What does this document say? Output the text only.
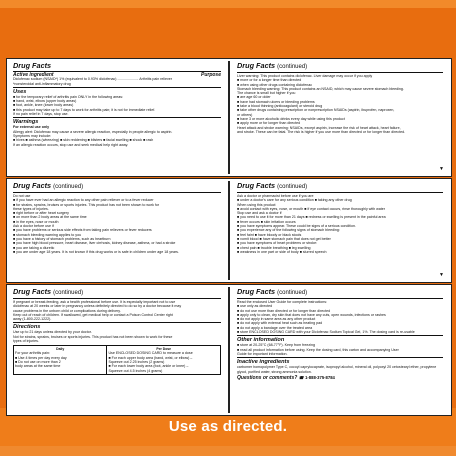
Drug Facts
Active ingredient	Purpose
Diclofenac sodium (NSAID*) 1% (equivalent to 0.93% diclofenac) ..................... Arthritis pain reliever
*nonsteroidal anti-inflammatory drug
Uses
■ for the temporary relief of arthritis pain ONLY in the following areas:
■ hand, wrist, elbow (upper body areas)
■ foot, ankle, knee (lower body areas)
■ this product may take up to 7 days to work for arthritis pain; it is not for immediate relief.
If no pain relief in 7 days, stop use.
Warnings
For external use only
Allergy alert: Diclofenac may cause a severe allergic reaction, especially in people allergic to aspirin.
Symptoms may include:
■ hives ■ asthma (wheezing) ■ skin reddening ■ blisters ■ facial swelling ■ shock ■ rash
If an allergic reaction occurs, stop use and seek medical help right away.
Drug Facts (continued)
Liver warning: This product contains diclofenac. Liver damage may occur if you apply
■ more or for a longer time than directed
■ when using other drugs containing diclofenac
Stomach bleeding warning: This product contains an NSAID, which may cause severe stomach bleeding.
The chance is small but higher if you
■ are age 60 or older
■ have had stomach ulcers or bleeding problems
■ take a blood thinning (anticoagulant) or steroid drug
■ take other drugs containing prescription or nonprescription NSAIDs (aspirin, ibuprofen, naproxen,
or others)
■ have 3 or more alcoholic drinks every day while using this product
■ apply more or for longer than directed
Heart attack and stroke warning: NSAIDs, except aspirin, increase the risk of heart attack, heart failure,
and stroke. These can be fatal. The risk is higher if you use more than directed or for longer than directed.
▼
Drug Facts (continued)
Do not use
■ if you have ever had an allergic reaction to any other pain reliever or to a fever reducer
■ for strains, sprains, bruises or sports injuries. This product has not been shown to work for
these types of injuries.
■ right before or after heart surgery
■ on more than 2 body areas at the same time
■ in the eyes, nose or mouth
Ask a doctor before use if
■ you have problems or serious side effects from taking pain relievers or fever reducers
■ stomach bleeding warning applies to you
■ you have a history of stomach problems, such as heartburn
■ you have high blood pressure, heart disease, liver cirrhosis, kidney disease, asthma, or had a stroke
■ you are taking a diuretic
■ you are under age 18 years. It is not known if this drug works or is safe in children under age 18 years.
Drug Facts (continued)
Ask a doctor or pharmacist before use if you are
■ under a doctor's care for any serious condition ■ taking any other drug
When using this product
■ avoid contact with eyes, nose, or mouth ■ if eye contact occurs, rinse thoroughly with water
Stop use and ask a doctor if
■ you need to use it for more than 21 days ■ redness or swelling is present in the painful area
■ fever occurs ■ skin irritation occurs
■ you have symptoms appear. These could be signs of a serious condition.
■ you experience any of the following signs of stomach bleeding:
■ feel faint ■ have bloody or black stools
■ vomit blood ■ have stomach pain that does not get better
■ you have symptoms of heart problems or stroke:
■ chest pain ■ trouble breathing ■ leg swelling
■ weakness in one part or side of body ■ slurred speech
▼
Drug Facts (continued)
If pregnant or breast-feeding, ask a health professional before use. It is especially important not to use
diclofenac at 20 weeks or later in pregnancy unless definitely directed to do so by a doctor because it may
cause problems in the unborn child or complications during delivery.
Keep out of reach of children. If swallowed, get medical help or contact a Poison Control Center right
away (1-800-222-1222).
Directions
Use up to 21 days unless directed by your doctor.
Not for strains, sprains, bruises or sports injuries. This product has not been shown to work for these
types of injuries.
Daily
For your arthritis pain:
■ Use 4 times per day every day
■ Do not use on more than 2
body areas at the same time
Per Dose
Use ENCLOSED DOSING CARD to measure a dose
■ For each upper body area (hand, wrist, or elbow) –
Squeeze out 2.25 inches (2 grams)
■ For each lower body area (foot, ankle or knee) –
Squeeze out 4.5 inches (4 grams)
Drug Facts (continued)
Read the enclosed User Guide for complete instructions:
■ use only as directed
■ do not use more than directed or for longer than directed
■ apply only to clean, dry skin that does not have any cuts, open wounds, infections or rashes
■ do not apply in same area as any other product
■ do not apply with external heat such as heating pad
■ do not apply a bandage over the treated area
■ store ENCLOSED DOSING CARD with your Diclofenac Sodium Topical Gel, 1%. The dosing card is re-usable
Other information
■ store at 20-25°C (68-77°F). Keep from freezing
■ read all product information before using. Keep the dosing card, this carton and accompanying User
Guide for important information.
Inactive ingredients
carbomer homopolymer Type C, cocoyl caprylocaprate, isopropyl alcohol, mineral oil, polyoxyl 20 cetostearyl ether, propylene glycol, purified water, strong ammonia solution.
Questions or comments? ☎ 1-888-375-8784
Use as directed.
